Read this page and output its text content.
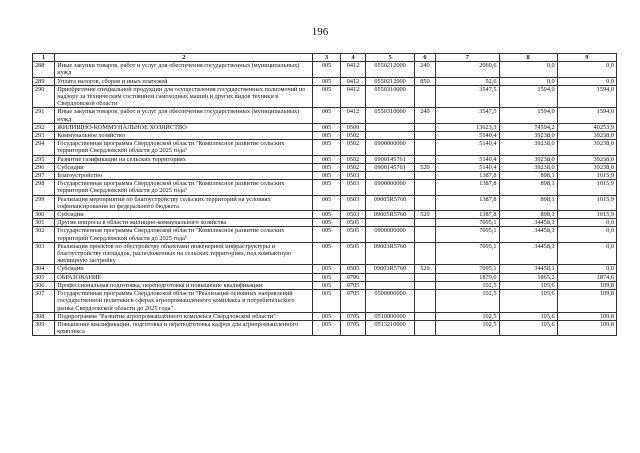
196
1	2	3	4	5	6	7	8	9
288	Иные закупки товаров, работ и услуг для обеспечения государственных (муниципальных) нужд	005	0412	0550212000	240	2060,6	0,0	0,0
289	Уплата налогов, сборов и иных платежей	005	0412	0550212000	850	52,6	0,0	0,0
290	Приобретение специальной продукции для осуществления государственных полномочий по надзору за техническим состоянием самоходных машин и других видов техники в Свердловской области	005	0412	0550310000		3547,5	1594,0	1594,0
291	Иные закупки товаров, работ и услуг для обеспечения государственных (муниципальных) нужд	005	0412	0550310000	240	3547,5	1594,0	1594,0
292	ЖИЛИЩНО-КОММУНАЛЬНОЕ ХОЗЯЙСТВО	005	0500			13623,3	74594,2	40253,9
293	Коммунальное хозяйство	005	0502			5140,4	39238,0	39238,0
294	Государственная программа Свердловской области "Комплексное развитие сельских территорий Свердловской области до 2025 года"	005	0502	0900000000		5140,4	39238,0	39238,0
295	Развитие газификации на сельских территориях	005	0502	0900145761		5140,4	39238,0	39238,0
296	Субсидии	005	0502	0900145761	520	5140,4	39238,0	39238,0
297	Благоустройство	005	0503			1387,8	898,1	1015,9
298	Государственная программа Свердловской области "Комплексное развитие сельских территорий Свердловской области до 2025 года"	005	0503	0900000000		1387,8	898,1	1015,9
299	Реализация мероприятий по благоустройству сельских территорий на условиях софинансирования из федерального бюджета	005	0503	09005R5760		1387,8	898,1	1015,9
300	Субсидии	005	0503	09005R5760	520	1387,8	898,1	1015,9
301	Другие вопросы в области жилищно-коммунального хозяйства	005	0505			7095,1	34458,1	0,0
302	Государственная программа Свердловской области "Комплексное развитие сельских территорий Свердловской области до 2025 года"	005	0505	0900000000		7095,1	34458,1	0,0
303	Реализация проектов по обустройству объектами инженерной инфраструктуры и благоустройству площадок, расположенных на сельских территориях, под компактную жилищную застройку	005	0505	09003R5760		7095,1	34458,1	0,0
304	Субсидии	005	0505	09003R5760	520	7095,1	34458,1	0,0
305	ОБРАЗОВАНИЕ	005	0700			1879,0	1865,2	1874,6
306	Профессиональная подготовка, переподготовка и повышение квалификации	005	0705			102,5	105,6	109,8
307	Государственная программа Свердловской области "Реализация основных направлений государственной политики в сферах агропромышленного комплекса и потребительского рынка Свердловской области до 2025 года"	005	0705	0500000000		102,5	105,6	109,8
308	Подпрограмма "Развитие агропромышленного комплекса Свердловской области"	005	0705	0510000000		102,5	105,6	109,8
309	Повышение квалификации, подготовка и переподготовка кадров для агропромышленного комплекса	005	0705	0513210000		102,5	105,6	109,8
